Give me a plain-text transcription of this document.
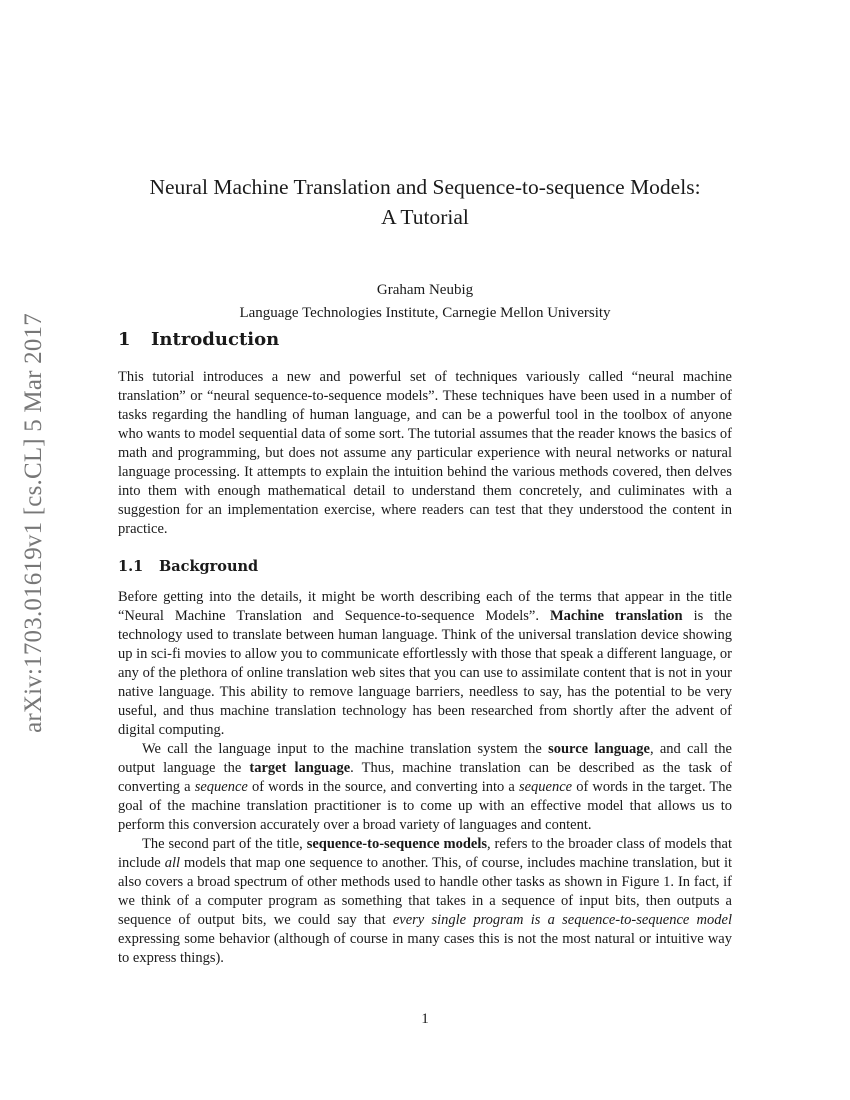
arXiv:1703.01619v1 [cs.CL] 5 Mar 2017
Neural Machine Translation and Sequence-to-sequence Models:
A Tutorial
Graham Neubig
Language Technologies Institute, Carnegie Mellon University
1 Introduction

This tutorial introduces a new and powerful set of techniques variously called “neural machine translation” or “neural sequence-to-sequence models”. These techniques have been used in a number of tasks regarding the handling of human language, and can be a powerful tool in the toolbox of anyone who wants to model sequential data of some sort. The tutorial assumes that the reader knows the basics of math and programming, but does not assume any particular experience with neural networks or natural language processing. It attempts to explain the intuition behind the various methods covered, then delves into them with enough mathematical detail to understand them concretely, and culiminates with a suggestion for an implementation exercise, where readers can test that they understood the content in practice.

1.1 Background

Before getting into the details, it might be worth describing each of the terms that appear in the title “Neural Machine Translation and Sequence-to-sequence Models”. Machine translation is the technology used to translate between human language. Think of the universal translation device showing up in sci-fi movies to allow you to communicate effortlessly with those that speak a different language, or any of the plethora of online translation web sites that you can use to assimilate content that is not in your native language. This ability to remove language barriers, needless to say, has the potential to be very useful, and thus machine translation technology has been researched from shortly after the advent of digital computing.

We call the language input to the machine translation system the source language, and call the output language the target language. Thus, machine translation can be described as the task of converting a sequence of words in the source, and converting into a sequence of words in the target. The goal of the machine translation practitioner is to come up with an effective model that allows us to perform this conversion accurately over a broad variety of languages and content.

The second part of the title, sequence-to-sequence models, refers to the broader class of models that include all models that map one sequence to another. This, of course, includes machine translation, but it also covers a broad spectrum of other methods used to handle other tasks as shown in Figure 1. In fact, if we think of a computer program as something that takes in a sequence of input bits, then outputs a sequence of output bits, we could say that every single program is a sequence-to-sequence model expressing some behavior (although of course in many cases this is not the most natural or intuitive way to express things).

1
